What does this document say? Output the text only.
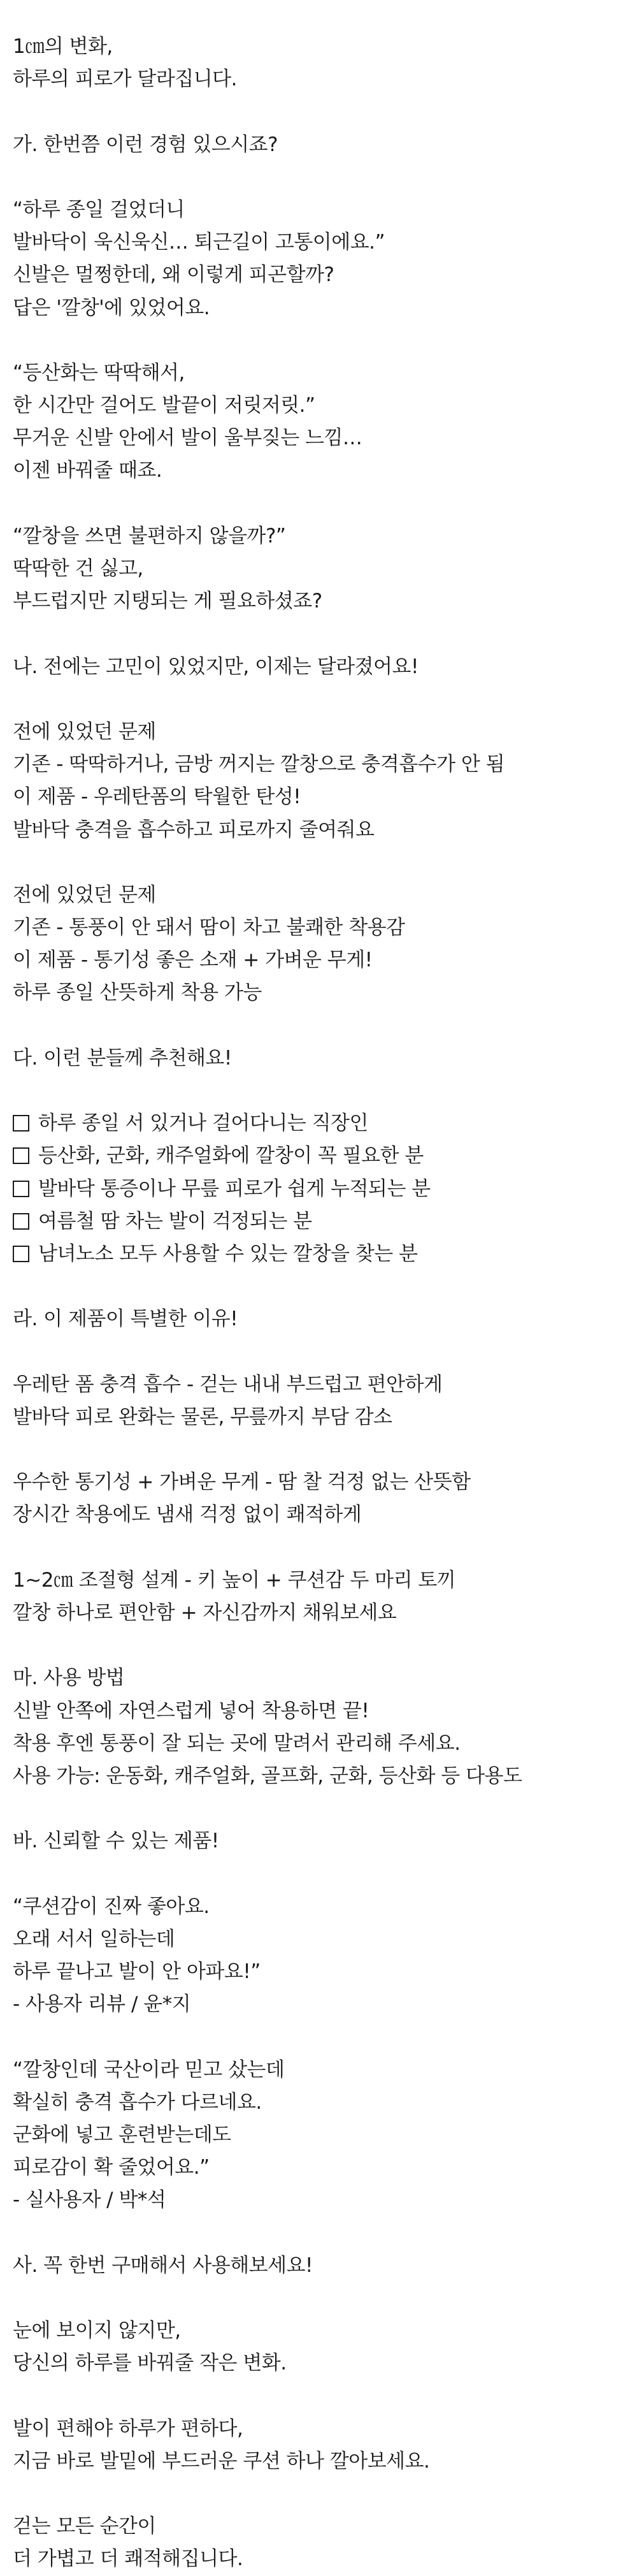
1㎝의 변화,
하루의 피로가 달라집니다.
가. 한번쯤 이런 경험 있으시죠?
“하루 종일 걸었더니
발바닥이 욱신욱신… 퇴근길이 고통이에요.”
신발은 멀쩡한데, 왜 이렇게 피곤할까?
답은 '깔창'에 있었어요.
“등산화는 딱딱해서,
한 시간만 걸어도 발끝이 저릿저릿.”
무거운 신발 안에서 발이 울부짖는 느낌…
이젠 바꿔줄 때죠.
“깔창을 쓰면 불편하지 않을까?”
딱딱한 건 싫고,
부드럽지만 지탱되는 게 필요하셨죠?
나. 전에는 고민이 있었지만, 이제는 달라졌어요!
전에 있었던 문제
기존 - 딱딱하거나, 금방 꺼지는 깔창으로 충격흡수가 안 됨
이 제품 - 우레탄폼의 탁월한 탄성!
발바닥 충격을 흡수하고 피로까지 줄여줘요
전에 있었던 문제
기존 - 통풍이 안 돼서 땀이 차고 불쾌한 착용감
이 제품 - 통기성 좋은 소재 + 가벼운 무게!
하루 종일 산뜻하게 착용 가능
다. 이런 분들께 추천해요!
하루 종일 서 있거나 걸어다니는 직장인
등산화, 군화, 캐주얼화에 깔창이 꼭 필요한 분
발바닥 통증이나 무릎 피로가 쉽게 누적되는 분
여름철 땀 차는 발이 걱정되는 분
남녀노소 모두 사용할 수 있는 깔창을 찾는 분
라. 이 제품이 특별한 이유!
우레탄 폼 충격 흡수 - 걷는 내내 부드럽고 편안하게
발바닥 피로 완화는 물론, 무릎까지 부담 감소
우수한 통기성 + 가벼운 무게 - 땀 찰 걱정 없는 산뜻함
장시간 착용에도 냄새 걱정 없이 쾌적하게
1~2㎝ 조절형 설계 - 키 높이 + 쿠션감 두 마리 토끼
깔창 하나로 편안함 + 자신감까지 채워보세요
마. 사용 방법
신발 안쪽에 자연스럽게 넣어 착용하면 끝!
착용 후엔 통풍이 잘 되는 곳에 말려서 관리해 주세요.
사용 가능: 운동화, 캐주얼화, 골프화, 군화, 등산화 등 다용도
바. 신뢰할 수 있는 제품!
“쿠션감이 진짜 좋아요.
오래 서서 일하는데
하루 끝나고 발이 안 아파요!”
- 사용자 리뷰 / 윤*지
“깔창인데 국산이라 믿고 샀는데
확실히 충격 흡수가 다르네요.
군화에 넣고 훈련받는데도
피로감이 확 줄었어요.”
- 실사용자 / 박*석
사. 꼭 한번 구매해서 사용해보세요!
눈에 보이지 않지만,
당신의 하루를 바꿔줄 작은 변화.
발이 편해야 하루가 편하다,
지금 바로 발밑에 부드러운 쿠션 하나 깔아보세요.
걷는 모든 순간이
더 가볍고 더 쾌적해집니다.
